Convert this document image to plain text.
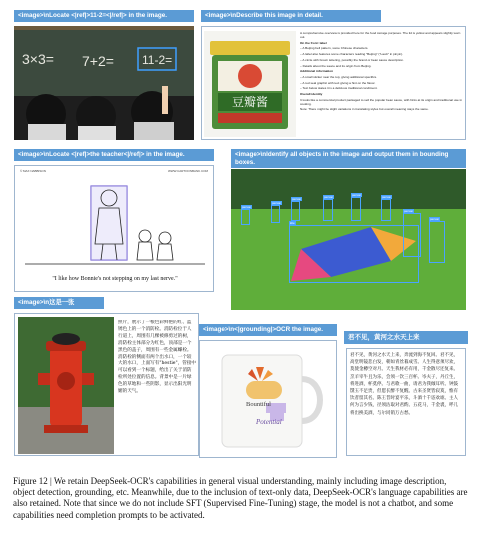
<image>\nLocate <|ref|>11-2=<|/ref|> in the image.
3×3= 7+2= 11-2=
<image>\nDescribe this image in detail.
豆瓣酱

A comprehensive overview is provided here for the food storage purposes. The lid is yellow and appears slightly worn out.

On the front: label

– A Beijing bell pattern, some Chinese characters.

– A label also features some characters reading "Beijing" ("Laozi" in pinyin).

– A circle with brown lettering, possibly the brand or bean sauce description.

– Details about the sauce and its origin from Beijing.

Additional information

– A small sticker near the top, giving additional specifics.

– A red seal graphic with text giving a hint on the flavor.

– Text below states it is a delicious traditional condiment.

Overall identity

It looks like a commercial product packaged to sell the popular bean sauce, with hints at its origin and traditional use in cooking.

Note: There might be slight variations in translating styles but overall meaning stays the same.

<image>\nLocate <|ref|>the teacher<|/ref|> in the image.
© MAX NABBISON	WWW.CARTOONBANK.COM
"I like how Bonnie's not stepping on my last nerve."
<image>\nIdentify all objects in the image and output them in bounding boxes.
person
person	person	person	person
person
person
person
kite
<image>\n这是一张
照片，展示了一根色彩鲜艳的红、蓝锈色上的一个消防栓。消防栓位于人行道上，周围有几棵被修剪过的树，消防栓主体部分为红色，顶部是一个黑色的盖子，周围有一些金属螺栓。消防栓的侧面有两个出水口，一个较大的水口，上面写有"hestie"，管接中可以看到一个标题，给出了关于消防栓所处位置的信息。背景中是一片绿色的草地和一些阴影，显示出阳光明媚的天气。
<image>\n<|grounding|>OCR the image.
Bountiful
Potential
君不见，黄河之水天上来
君不见，黄河之水天上来，奔流到海不复回。君不见，高堂明镜悲白发，朝如青丝暮成雪。人生得意须尽欢，莫使金樽空对月。天生我材必有用，千金散尽还复来。烹羊宰牛且为乐，会须一饮三百杯。岑夫子，丹丘生，将进酒，杯莫停。与君歌一曲，请君为我倾耳听。钟鼓馔玉不足贵，但愿长醉不复醒。古来圣贤皆寂寞，惟有饮者留其名。陈王昔时宴平乐，斗酒十千恣欢谑。主人何为言少钱，径须沽取对君酌。五花马，千金裘，呼儿将出换美酒，与尔同销万古愁。
Figure 12 | We retain DeepSeek-OCR's capabilities in general visual understanding, mainly including image description, object detection, grounding, etc. Meanwhile, due to the inclusion of text-only data, DeepSeek-OCR's language capabilities are also retained. Note that since we do not include SFT (Supervised Fine-Tuning) stage, the model is not a chatbot, and some capabilities need completion prompts to be activated.
